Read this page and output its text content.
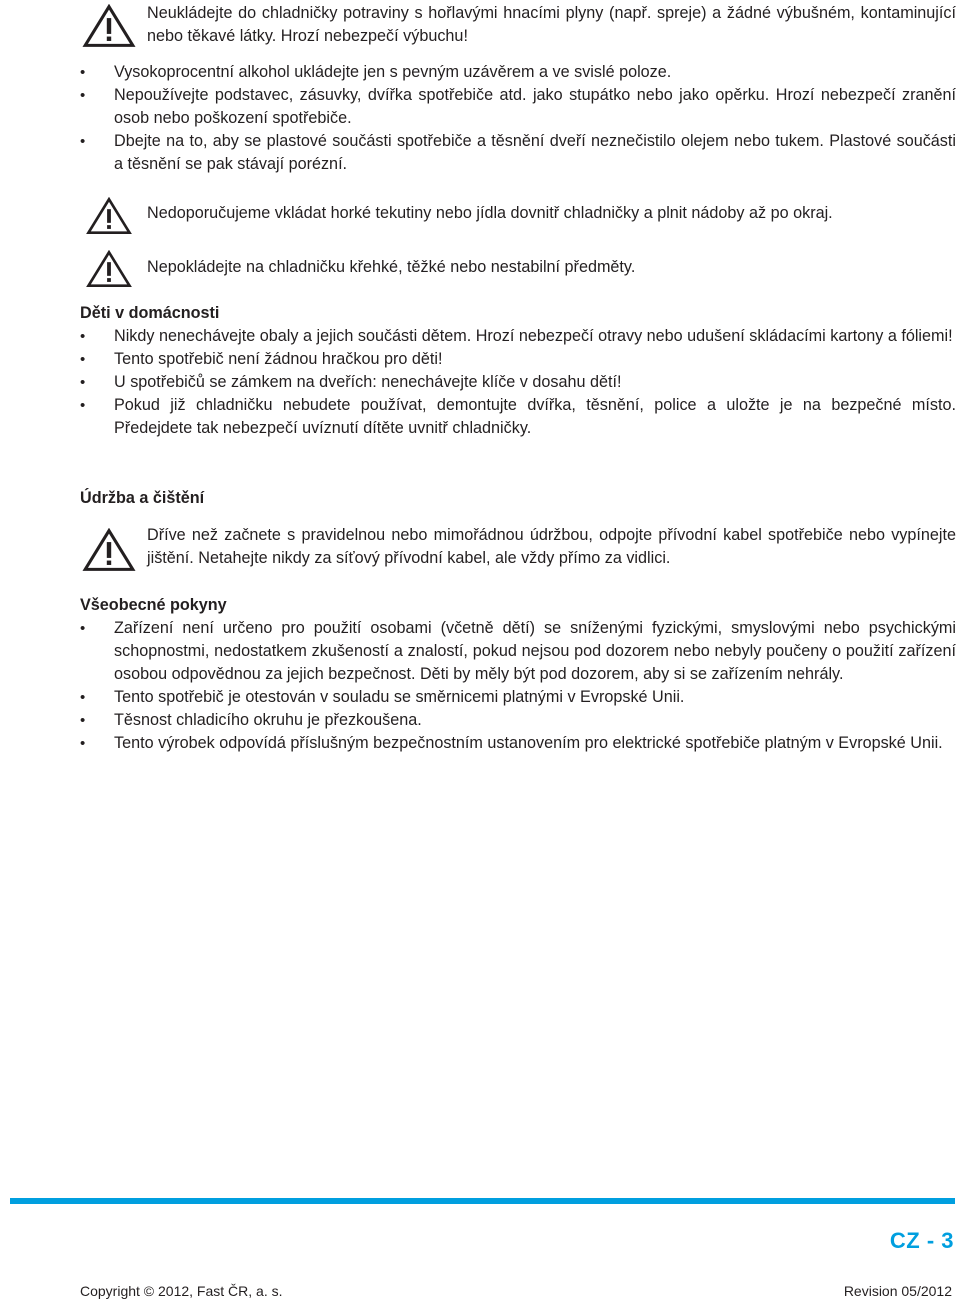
Neukládejte do chladničky potraviny s hořlavými hnacími plyny (např. spreje) a žádné výbušném, kontaminující nebo těkavé látky. Hrozí nebezpečí výbuchu!

• Vysokoprocentní alkohol ukládejte jen s pevným uzávěrem a ve svislé poloze.
• Nepoužívejte podstavec, zásuvky, dvířka spotřebiče atd. jako stupátko nebo jako opěrku. Hrozí nebezpečí zranění osob nebo poškození spotřebiče.
• Dbejte na to, aby se plastové součásti spotřebiče a těsnění dveří neznečistilo olejem nebo tukem. Plastové součásti a těsnění se pak stávají porézní.

Nedoporučujeme vkládat horké tekutiny nebo jídla dovnitř chladničky a plnit nádoby až po okraj.

Nepokládejte na chladničku křehké, těžké nebo nestabilní předměty.

Děti v domácnosti
• Nikdy nenechávejte obaly a jejich součásti dětem. Hrozí nebezpečí otravy nebo udušení skládacími kartony a fóliemi!
• Tento spotřebič není žádnou hračkou pro děti!
• U spotřebičů se zámkem na dveřích: nenechávejte klíče v dosahu dětí!
• Pokud již chladničku nebudete používat, demontujte dvířka, těsnění, police a uložte je na bezpečné místo. Předejdete tak nebezpečí uvíznutí dítěte uvnitř chladničky.
Údržba a čištění

Dříve než začnete s pravidelnou nebo mimořádnou údržbou, odpojte přívodní kabel spotřebiče nebo vypínejte jištění. Netahejte nikdy za síťový přívodní kabel, ale vždy přímo za vidlici.

Všeobecné pokyny
• Zařízení není určeno pro použití osobami (včetně dětí) se sníženými fyzickými, smyslovými nebo psychickými schopnostmi, nedostatkem zkušeností a znalostí, pokud nejsou pod dozorem nebo nebyly poučeny o použití zařízení osobou odpovědnou za jejich bezpečnost. Děti by měly být pod dozorem, aby si se zařízením nehrály.
• Tento spotřebič je otestován v souladu se směrnicemi platnými v Evropské Unii.
• Těsnost chladicího okruhu je přezkoušena.
• Tento výrobek odpovídá příslušným bezpečnostním ustanovením pro elektrické spotřebiče platným v Evropské Unii.
CZ - 3
Copyright © 2012, Fast ČR, a. s.	Revision 05/2012
